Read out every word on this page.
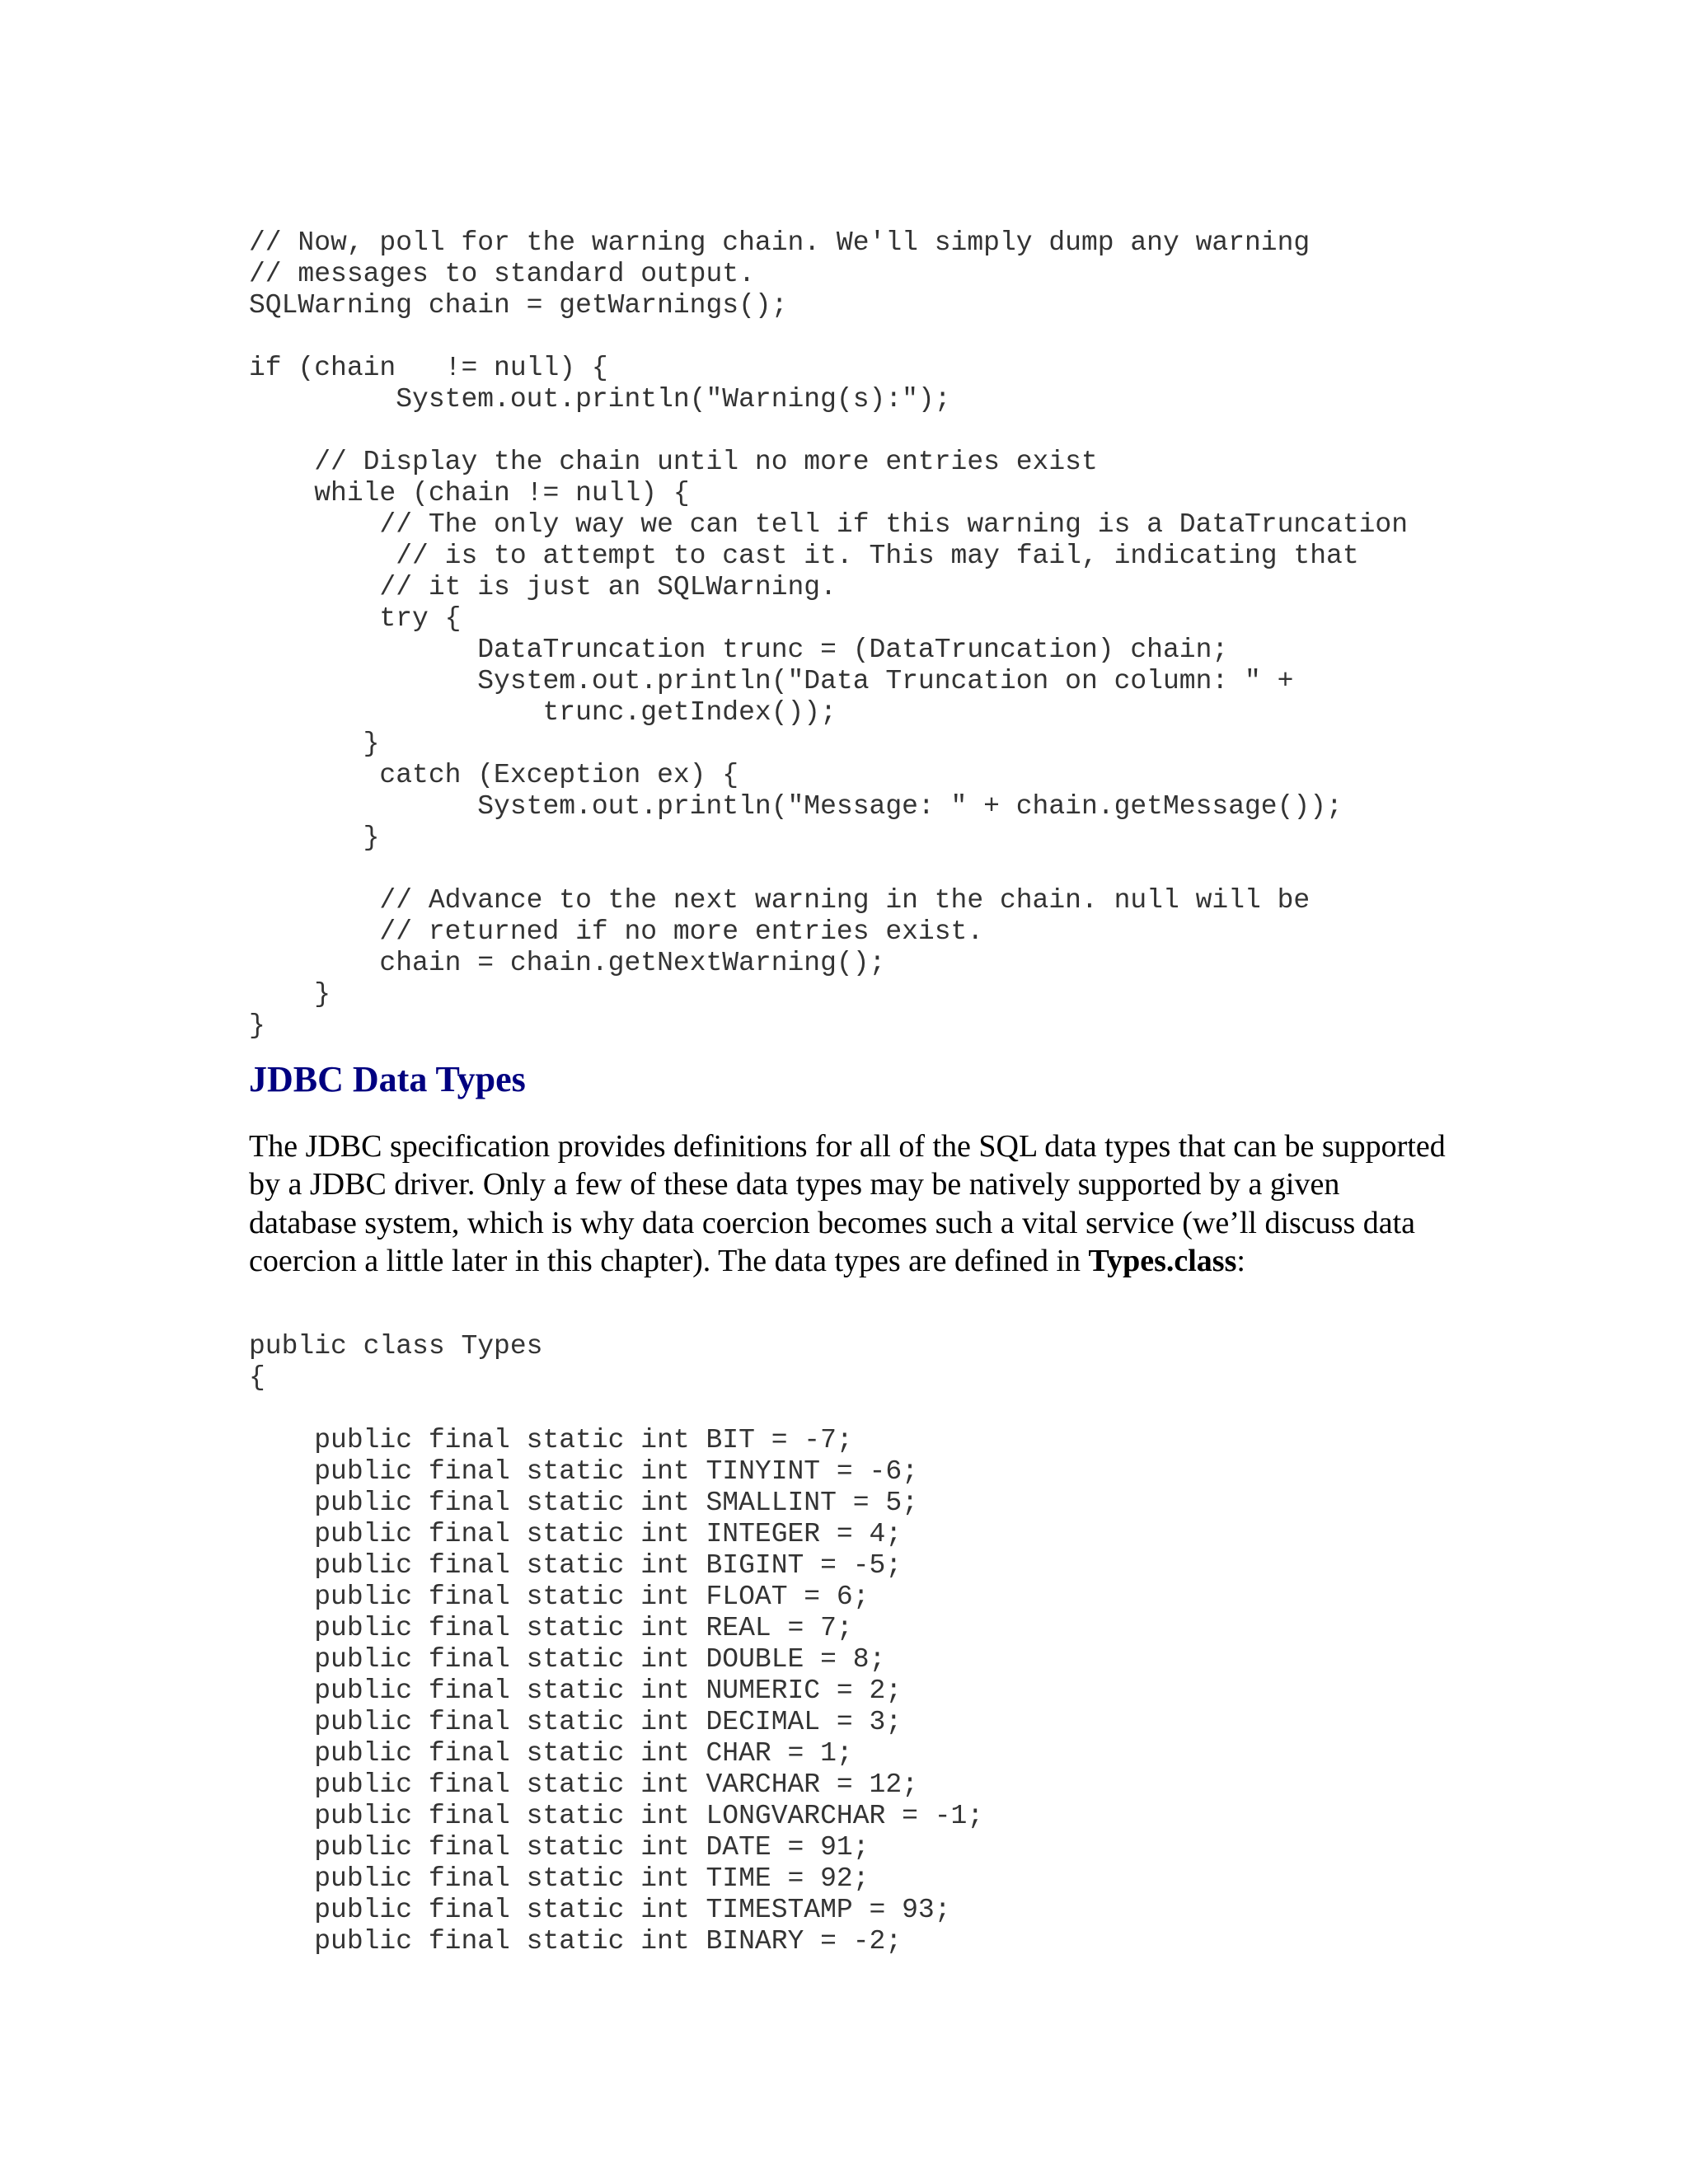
// Now, poll for the warning chain. We'll simply dump any warning
// messages to standard output.
SQLWarning chain = getWarnings();
if (chain   != null) {
System.out.println("Warning(s):");
// Display the chain until no more entries exist
while (chain != null) {
// The only way we can tell if this warning is a DataTruncation
// is to attempt to cast it. This may fail, indicating that
// it is just an SQLWarning.
try {
DataTruncation trunc = (DataTruncation) chain;
System.out.println("Data Truncation on column: " +
trunc.getIndex());
}
catch (Exception ex) {
System.out.println("Message: " + chain.getMessage());
}
// Advance to the next warning in the chain. null will be
// returned if no more entries exist.
chain = chain.getNextWarning();
}
}
JDBC Data Types

The JDBC specification provides definitions for all of the SQL data types that can be supported by a JDBC driver. Only a few of these data types may be natively supported by a given database system, which is why data coercion becomes such a vital service (we’ll discuss data coercion a little later in this chapter). The data types are defined in Types.class:

public class Types
{
public final static int BIT = -7;
public final static int TINYINT = -6;
public final static int SMALLINT = 5;
public final static int INTEGER = 4;
public final static int BIGINT = -5;
public final static int FLOAT = 6;
public final static int REAL = 7;
public final static int DOUBLE = 8;
public final static int NUMERIC = 2;
public final static int DECIMAL = 3;
public final static int CHAR = 1;
public final static int VARCHAR = 12;
public final static int LONGVARCHAR = -1;
public final static int DATE = 91;
public final static int TIME = 92;
public final static int TIMESTAMP = 93;
public final static int BINARY = -2;
